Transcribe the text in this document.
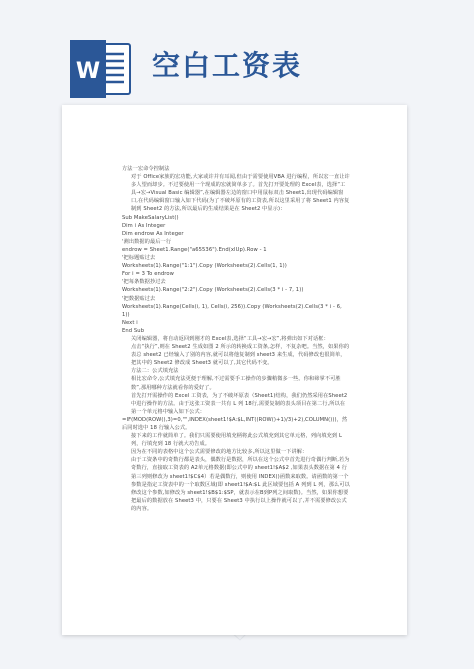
W 空白工资表
方法一宏命令控制法
对于 Office家族的宏功能,大家或许并有耳闻,但由于需要使用VBA 进行编程，所以宏一直让许多人望而却步。不过要使用一个现成的宏就简单多了。首先打开要处理的 Excel表，选择“工具→宏→Visual Basic 编辑器”,在编辑器左边的窗口中用鼠标双击 Sheet1,出现代码编辑窗口,在代码编辑窗口输入如下代码(为了不破坏原有的工资表,所以这里采用了将 Sheet1 内容复制到 Sheet2 的方法,所以最后的生成结果是在 Sheet2 中显示)：
Sub MakeSalaryList()
Dim i As Integer
Dim endrow As Integer
'测出数据的最后一行
endrow = Sheet1.Range("a65536").End(xlUp).Row - 1
'把标题贴过去
Worksheets(1).Range("1:1").Copy (Worksheets(2).Cells(1, 1))
For i = 3 To endrow
'把每条数据抄过去
Worksheets(1).Range("2:2").Copy (Worksheets(2).Cells(3 * i - 7, 1))
'把数据贴过去
Worksheets(1).Range(Cells(i, 1), Cells(i, 256)).Copy (Worksheets(2).Cells(3 * i - 6, 1))
Next i
End Sub
关闭编辑器，将自动返回到刚才的 Excel表,选择“工具→宏→宏”,将弹出如下对话框：
点击“执行”,则在 Sheet2 生成如图 2 所示的转换成工资条,怎样，不复杂吧。当然，如果你的表总 sheet2 已经输入了别的内容,就可以将他复制到 sheet3 来生成，代码修改也很简单，把其中的 Sheet2 修改成 Sheet3 就可以了,其它代码不变。
方法二：公式填充法
相比宏命令,公式填充法更便于理解,不过需要手工操作的步骤稍微多一些。你和筛掌不可胜数”,那用哪种方法就看你的爱好了。
首先打开需操作的 Excel 工资表，为了不破坏原表（Sheet1)结构，我们仍然采用在Sheet2 中进行操作的方法。由于这张工资表一共有 L 列 18行,需要复制的表头项目在第二行,所以在第一个单元格中输入如下公式：
=IF(MOD(ROW(),3)=0,"",INDEX(sheet1!$A:$L,INT((ROW()+1)/3)+2),COLUMN()))，然后同时选中 18 行输入公式。
接下来的工作就简单了。我们只需要使用填充柄将此公式填充到其它单元格，列向填充到 L 列，行填充到 18 行就大功告成。
因为在不同的表格中这个公式需要修改的地方比较多,所以这里做一下讲解：
由于工资条中的奇数行都是表头，偶数行是数据，所以在这个公式中首先进行奇偶行判断,若为奇数行，直接取工资表的 A2单元格数据(即公式中的 sheet1!$A$2 ,如果表头数据在第 4 行第三列则修改为 sheet1!$C$4）若是偶数行，则使用 INDEX()函数来取数。请函数的第一个参数是指定工资表中的一个取数区域(即 sheet1!$A:$L 此区域要包括 A 列到 L 列，那么可以修改这个参数,如修改为 sheet1!$B$1:$SP，就表示在B到P列之间取数)。当然，如果你想要把最后的数据放在 Sheet3 中，只要在 Sheet3 中执行以上操作就可以了,并不需要修改公式的内容。
